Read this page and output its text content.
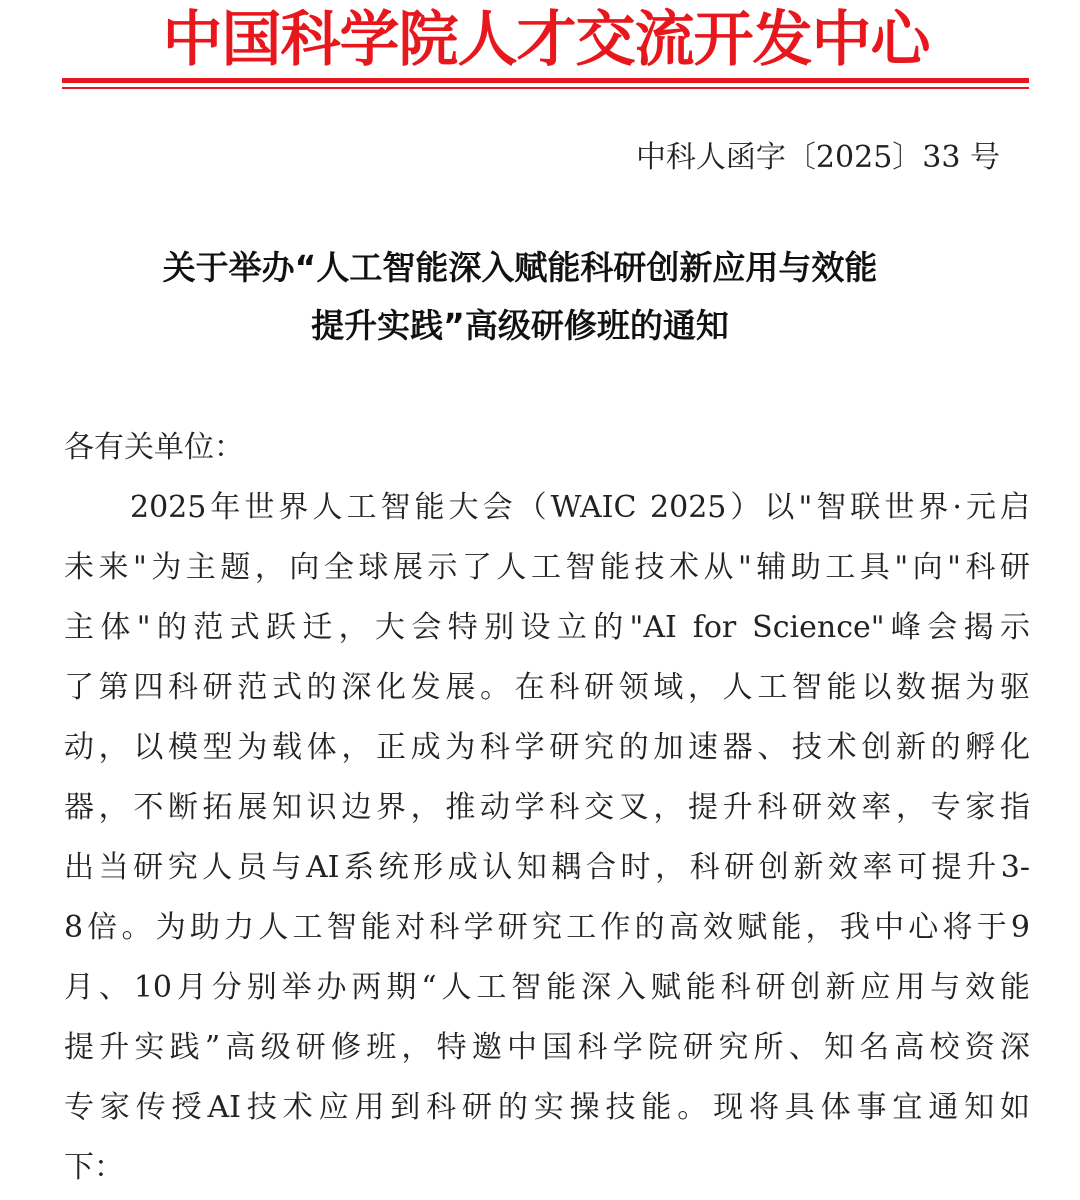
中国科学院人才交流开发中心
中科人函字〔2025〕33 号
关于举办“人工智能深入赋能科研创新应用与效能
提升实践”高级研修班的通知
各有关单位：
2025年世界人工智能大会（WAIC 2025）以"智联世界·元启
未来"为主题，向全球展示了人工智能技术从"辅助工具"向"科研
主体"的范式跃迁，大会特别设立的"AI for Science"峰会揭示
了第四科研范式的深化发展。在科研领域，人工智能以数据为驱
动，以模型为载体，正成为科学研究的加速器、技术创新的孵化
器，不断拓展知识边界，推动学科交叉，提升科研效率，专家指
出当研究人员与AI系统形成认知耦合时，科研创新效率可提升3-
8倍。为助力人工智能对科学研究工作的高效赋能，我中心将于9
月、10月分别举办两期“人工智能深入赋能科研创新应用与效能
提升实践”高级研修班，特邀中国科学院研究所、知名高校资深
专家传授AI技术应用到科研的实操技能。现将具体事宜通知如
下：
